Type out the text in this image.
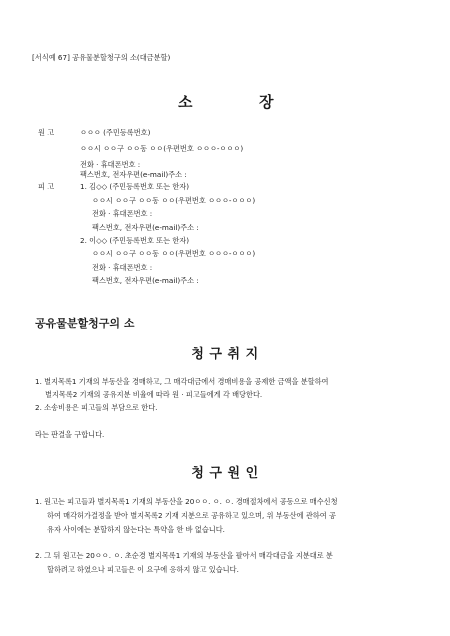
[서식예 67] 공유물분할청구의 소(대금분할)
소	장
원 고	ㅇㅇㅇ (주민등록번호)
ㅇㅇ시 ㅇㅇ구 ㅇㅇ동 ㅇㅇ(우편번호 ㅇㅇㅇ-ㅇㅇㅇ)
전화 · 휴대폰번호 :
팩스번호, 전자우편(e-mail)주소 :
피 고	1. 김◇◇ (주민등록번호 또는 한자)
ㅇㅇ시 ㅇㅇ구 ㅇㅇ동 ㅇㅇ(우편번호 ㅇㅇㅇ-ㅇㅇㅇ)
전화 · 휴대폰번호 :
팩스번호, 전자우편(e-mail)주소 :
2. 이◇◇ (주민등록번호 또는 한자)
ㅇㅇ시 ㅇㅇ구 ㅇㅇ동 ㅇㅇ(우편번호 ㅇㅇㅇ-ㅇㅇㅇ)
전화 · 휴대폰번호 :
팩스번호, 전자우편(e-mail)주소 :
공유물분할청구의 소
청 구 취 지
1. 별지목록1 기재의 부동산을 경매하고, 그 매각대금에서 경매비용을 공제한 금액을 분할하여
별지목록2 기재의 공유지분 비율에 따라 원 · 피고들에게 각 배당한다.
2. 소송비용은 피고들의 부담으로 한다.
라는 판결을 구합니다.
청 구 원 인
1. 원고는 피고들과 별지목록1 기재의 부동산을 20ㅇㅇ. ㅇ. ㅇ. 경매절차에서 공동으로 매수신청
하여 매각허가결정을 받아 별지목록2 기재 지분으로 공유하고 있으며, 위 부동산에 관하여 공
유자 사이에는 분할하지 않는다는 특약을 한 바 없습니다.
2. 그 뒤 원고는 20ㅇㅇ. ㅇ. 초순경 별지목록1 기재의 부동산을 팔아서 매각대금을 지분대로 분
할하려고 하였으나 피고들은 이 요구에 응하지 않고 있습니다.
